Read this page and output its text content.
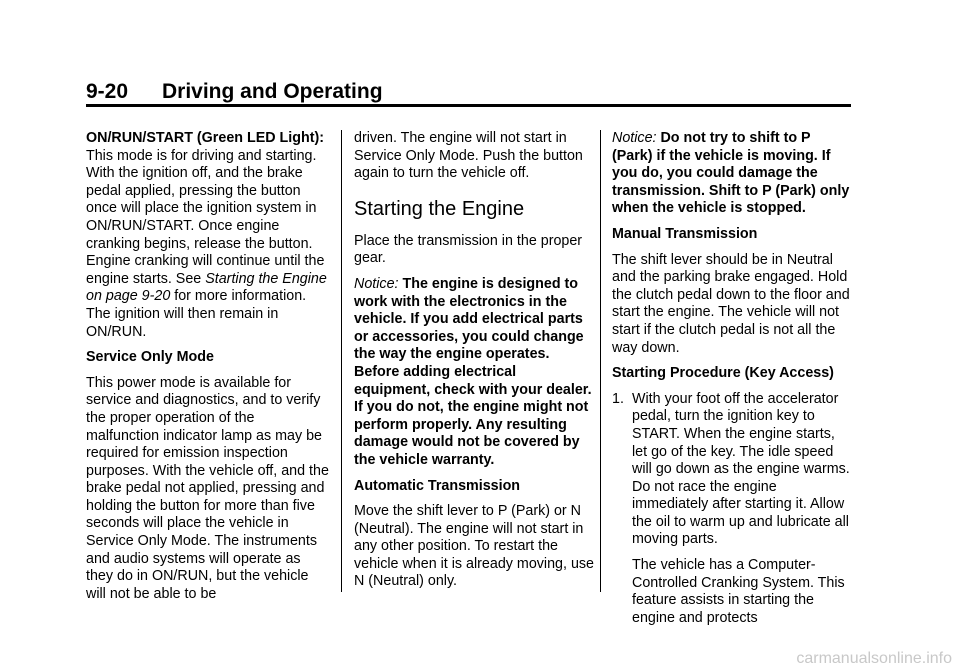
9-20 Driving and Operating

ON/RUN/START (Green LED Light): This mode is for driving and starting. With the ignition off, and the brake pedal applied, pressing the button once will place the ignition system in ON/RUN/START. Once engine cranking begins, release the button. Engine cranking will continue until the engine starts. See Starting the Engine on page 9-20 for more information. The ignition will then remain in ON/RUN.

Service Only Mode

This power mode is available for service and diagnostics, and to verify the proper operation of the malfunction indicator lamp as may be required for emission inspection purposes. With the vehicle off, and the brake pedal not applied, pressing and holding the button for more than five seconds will place the vehicle in Service Only Mode. The instruments and audio systems will operate as they do in ON/RUN, but the vehicle will not be able to be

driven. The engine will not start in Service Only Mode. Push the button again to turn the vehicle off.

Starting the Engine

Place the transmission in the proper gear.

Notice: The engine is designed to work with the electronics in the vehicle. If you add electrical parts or accessories, you could change the way the engine operates. Before adding electrical equipment, check with your dealer. If you do not, the engine might not perform properly. Any resulting damage would not be covered by the vehicle warranty.

Automatic Transmission

Move the shift lever to P (Park) or N (Neutral). The engine will not start in any other position. To restart the vehicle when it is already moving, use N (Neutral) only.

Notice: Do not try to shift to P (Park) if the vehicle is moving. If you do, you could damage the transmission. Shift to P (Park) only when the vehicle is stopped.

Manual Transmission

The shift lever should be in Neutral and the parking brake engaged. Hold the clutch pedal down to the floor and start the engine. The vehicle will not start if the clutch pedal is not all the way down.

Starting Procedure (Key Access)

1. With your foot off the accelerator pedal, turn the ignition key to START. When the engine starts, let go of the key. The idle speed will go down as the engine warms. Do not race the engine immediately after starting it. Allow the oil to warm up and lubricate all moving parts.

The vehicle has a Computer-Controlled Cranking System. This feature assists in starting the engine and protects

carmanualsonline.info
